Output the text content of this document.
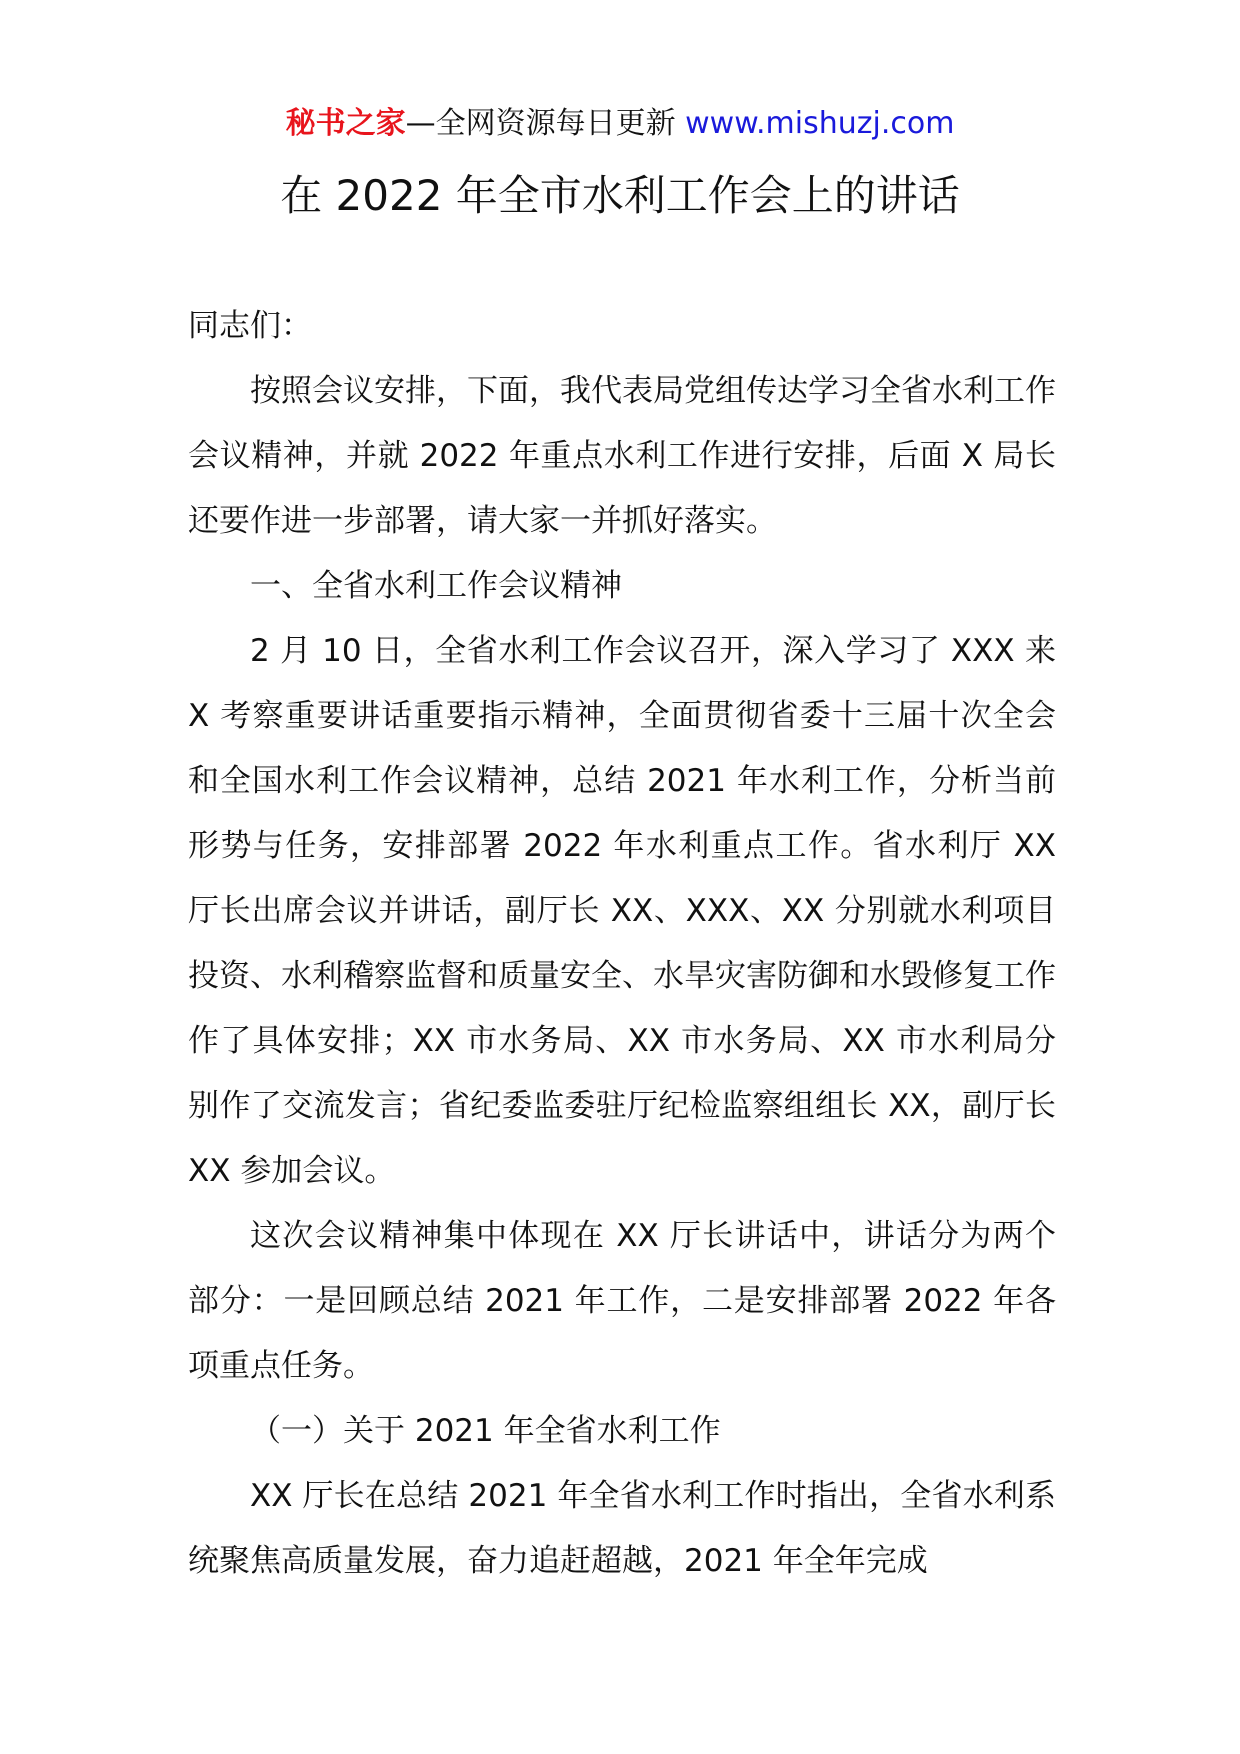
秘书之家—全网资源每日更新 www.mishuzj.com
在 2022 年全市水利工作会上的讲话

同志们：

按照会议安排，下面，我代表局党组传达学习全省水利工作会议精神，并就 2022 年重点水利工作进行安排，后面 X 局长还要作进一步部署，请大家一并抓好落实。

一、全省水利工作会议精神

2 月 10 日，全省水利工作会议召开，深入学习了 XXX 来 X 考察重要讲话重要指示精神，全面贯彻省委十三届十次全会和全国水利工作会议精神，总结 2021 年水利工作，分析当前形势与任务，安排部署 2022 年水利重点工作。省水利厅 XX 厅长出席会议并讲话，副厅长 XX、XXX、XX 分别就水利项目投资、水利稽察监督和质量安全、水旱灾害防御和水毁修复工作作了具体安排；XX 市水务局、XX 市水务局、XX 市水利局分别作了交流发言；省纪委监委驻厅纪检监察组组长 XX，副厅长 XX 参加会议。

这次会议精神集中体现在 XX 厅长讲话中，讲话分为两个部分：一是回顾总结 2021 年工作，二是安排部署 2022 年各项重点任务。

（一）关于 2021 年全省水利工作

XX 厅长在总结 2021 年全省水利工作时指出，全省水利系统聚焦高质量发展，奋力追赶超越，2021 年全年完成
